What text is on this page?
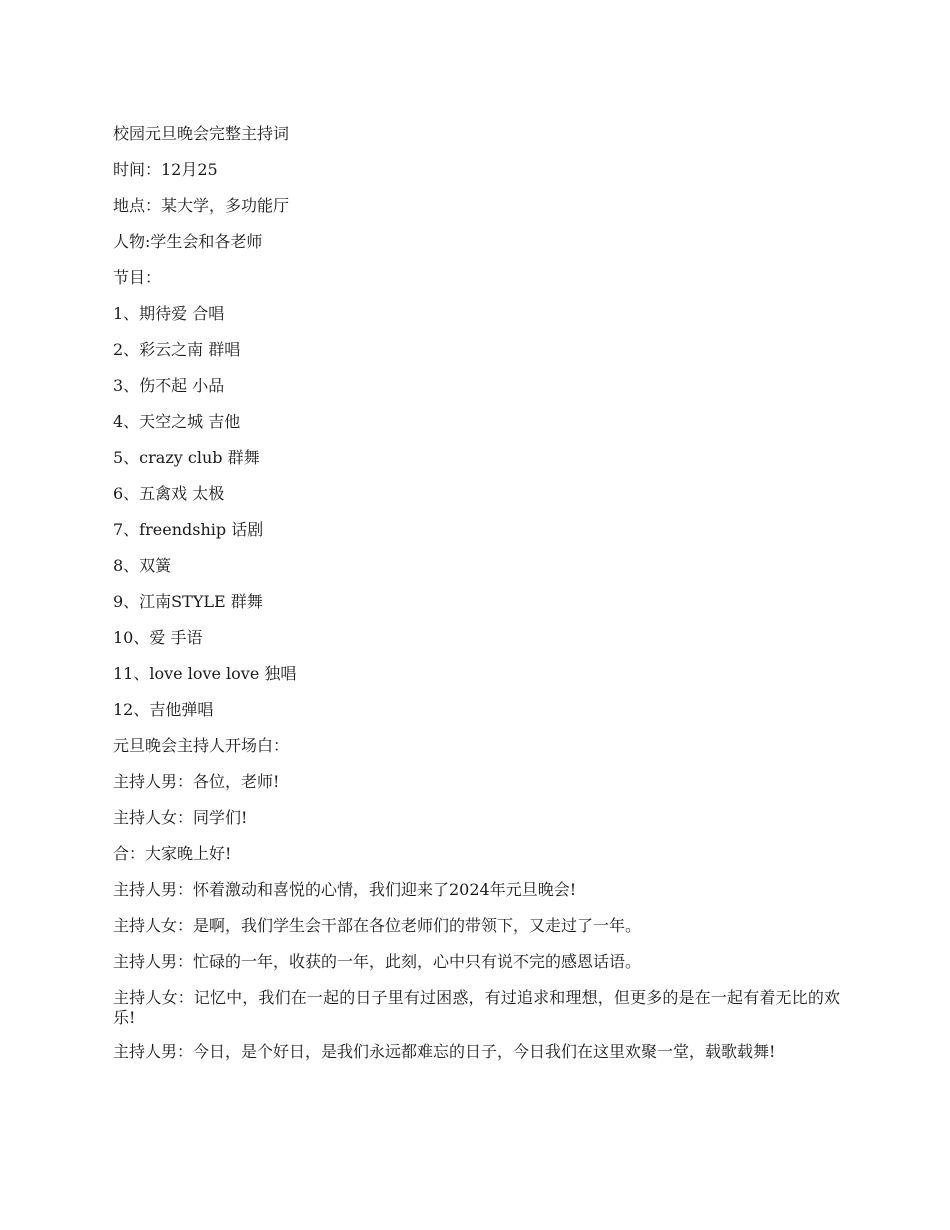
校园元旦晚会完整主持词

时间：12月25

地点：某大学，多功能厅

人物:学生会和各老师

节目：

1、期待爱 合唱

2、彩云之南 群唱

3、伤不起 小品

4、天空之城 吉他

5、crazy club 群舞

6、五禽戏 太极

7、freendship 话剧

8、双簧

9、江南STYLE 群舞

10、爱 手语

11、love love love 独唱

12、吉他弹唱

元旦晚会主持人开场白：

主持人男：各位，老师!

主持人女：同学们!

合：大家晚上好!

主持人男：怀着激动和喜悦的心情，我们迎来了2024年元旦晚会!

主持人女：是啊，我们学生会干部在各位老师们的带领下，又走过了一年。

主持人男：忙碌的一年，收获的一年，此刻，心中只有说不完的感恩话语。

主持人女：记忆中，我们在一起的日子里有过困惑，有过追求和理想，但更多的是在一起有着无比的欢乐!

主持人男：今日，是个好日，是我们永远都难忘的日子，今日我们在这里欢聚一堂，载歌载舞!
